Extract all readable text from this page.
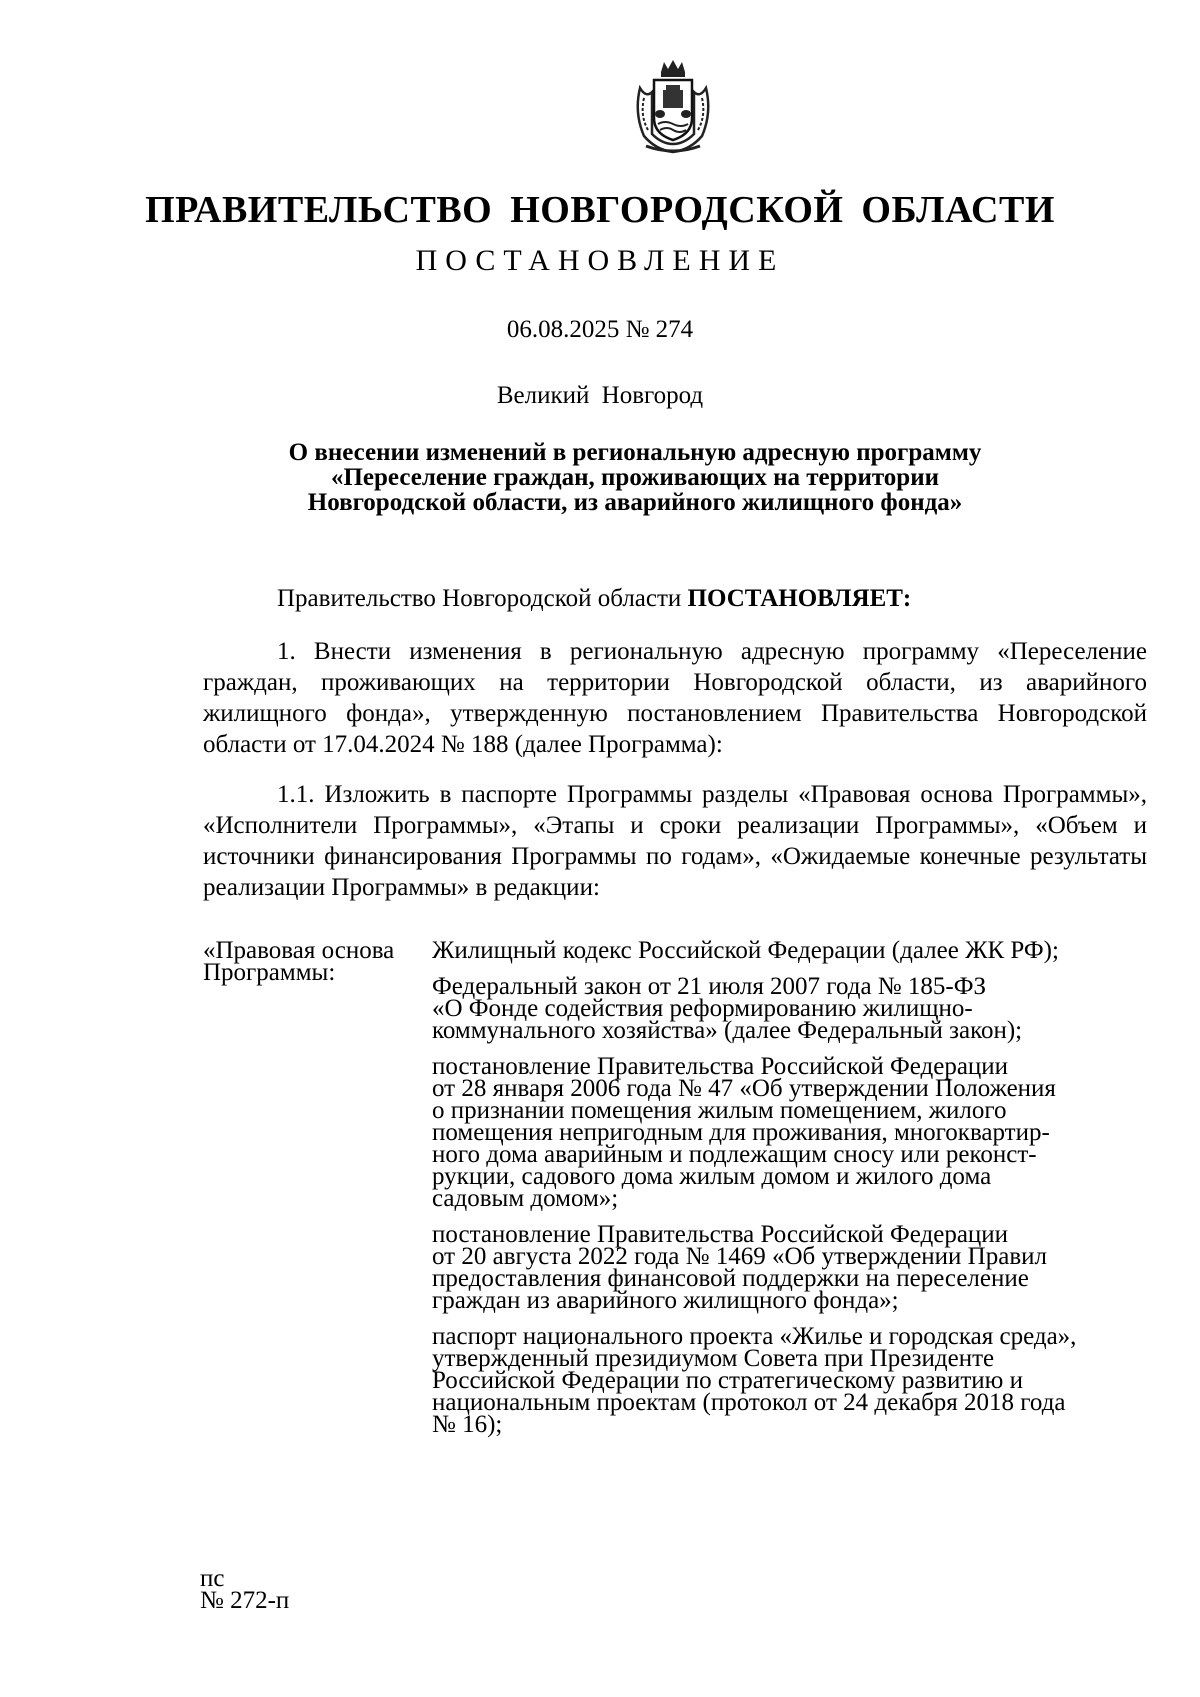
ПРАВИТЕЛЬСТВО НОВГОРОДСКОЙ ОБЛАСТИ
ПОСТАНОВЛЕНИЕ
06.08.2025 № 274
Великий Новгород
О внесении изменений в региональную адресную программу
«Переселение граждан, проживающих на территории
Новгородской области, из аварийного жилищного фонда»

Правительство Новгородской области ПОСТАНОВЛЯЕТ:

1. Внести изменения в региональную адресную программу «Переселение граждан, проживающих на территории Новгородской области, из аварийного жилищного фонда», утвержденную постановлением Правительства Новгородской области от 17.04.2024 № 188 (далее Программа):

1.1. Изложить в паспорте Программы разделы «Правовая основа Программы», «Исполнители Программы», «Этапы и сроки реализации Программы», «Объем и источники финансирования Программы по годам», «Ожидаемые конечные результаты реализации Программы» в редакции:

«Правовая основа
Программы:
Жилищный кодекс Российской Федерации (далее ЖК РФ);
Федеральный закон от 21 июля 2007 года № 185-ФЗ
«О Фонде содействия реформированию жилищно-
коммунального хозяйства» (далее Федеральный закон);
постановление Правительства Российской Федерации
от 28 января 2006 года № 47 «Об утверждении Положения
о признании помещения жилым помещением, жилого
помещения непригодным для проживания, многоквартир-
ного дома аварийным и подлежащим сносу или реконст-
рукции, садового дома жилым домом и жилого дома
садовым домом»;
постановление Правительства Российской Федерации
от 20 августа 2022 года № 1469 «Об утверждении Правил
предоставления финансовой поддержки на переселение
граждан из аварийного жилищного фонда»;
паспорт национального проекта «Жилье и городская среда»,
утвержденный президиумом Совета при Президенте
Российской Федерации по стратегическому развитию и
национальным проектам (протокол от 24 декабря 2018 года
№ 16);
пс
№ 272-п
